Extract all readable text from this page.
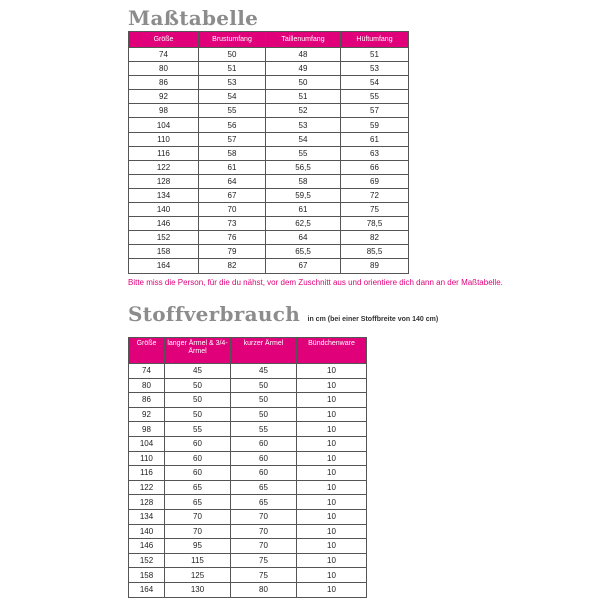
Maßtabelle
Größe	Brustumfang	Taillenumfang	Hüftumfang
74	50	48	51
80	51	49	53
86	53	50	54
92	54	51	55
98	55	52	57
104	56	53	59
110	57	54	61
116	58	55	63
122	61	56,5	66
128	64	58	69
134	67	59,5	72
140	70	61	75
146	73	62,5	78,5
152	76	64	82
158	79	65,5	85,5
164	82	67	89

Bitte miss die Person, für die du nähst, vor dem Zuschnitt aus und orientiere dich dann an der Maßtabelle.

Stoffverbrauch in cm (bei einer Stoffbreite von 140 cm)
Größe	langer Ärmel & 3/4-Ärmel	kurzer Ärmel	Bündchenware
74	45	45	10
80	50	50	10
86	50	50	10
92	50	50	10
98	55	55	10
104	60	60	10
110	60	60	10
116	60	60	10
122	65	65	10
128	65	65	10
134	70	70	10
140	70	70	10
146	95	70	10
152	115	75	10
158	125	75	10
164	130	80	10
